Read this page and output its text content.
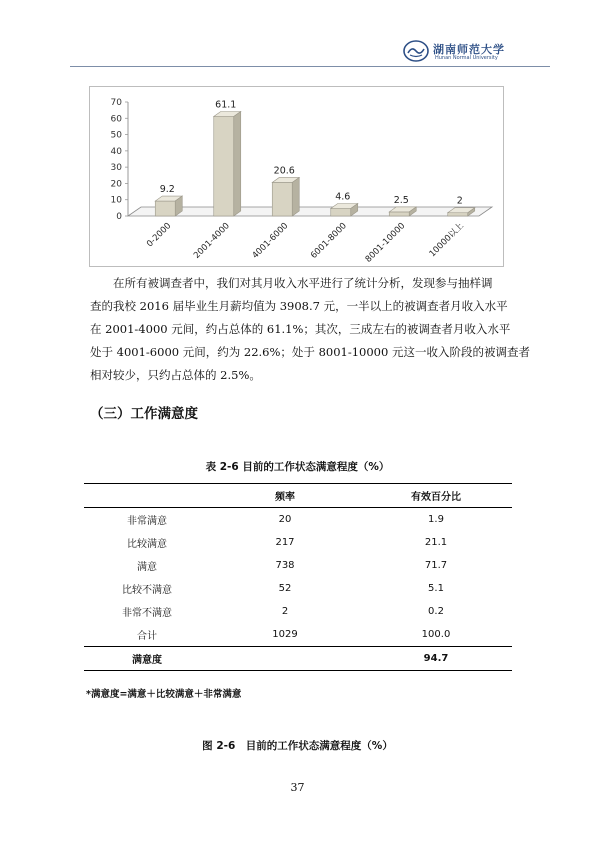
湖南师范大学
Hunan Normal University
0
10
20
30
40
50
60
70
9.2
0-2000
61.1
2001-4000
20.6
4001-6000
4.6
6001-8000
2.5
8001-10000
2
10000以上
在所有被调查者中，我们对其月收入水平进行了统计分析，发现参与抽样调
查的我校 2016 届毕业生月薪均值为 3908.7 元，一半以上的被调查者月收入水平
在 2001-4000 元间，约占总体的 61.1%；其次，三成左右的被调查者月收入水平
处于 4001-6000 元间，约为 22.6%；处于 8001-10000 元这一收入阶段的被调查者
相对较少，只约占总体的 2.5%。
（三）工作满意度
表 2-6 目前的工作状态满意程度（%）
	频率	有效百分比
非常满意	20	1.9
比较满意	217	21.1
满意	738	71.7
比较不满意	52	5.1
非常不满意	2	0.2
合计	1029	100.0
满意度		94.7
*满意度=满意＋比较满意＋非常满意
图 2-6　目前的工作状态满意程度（%）
37
